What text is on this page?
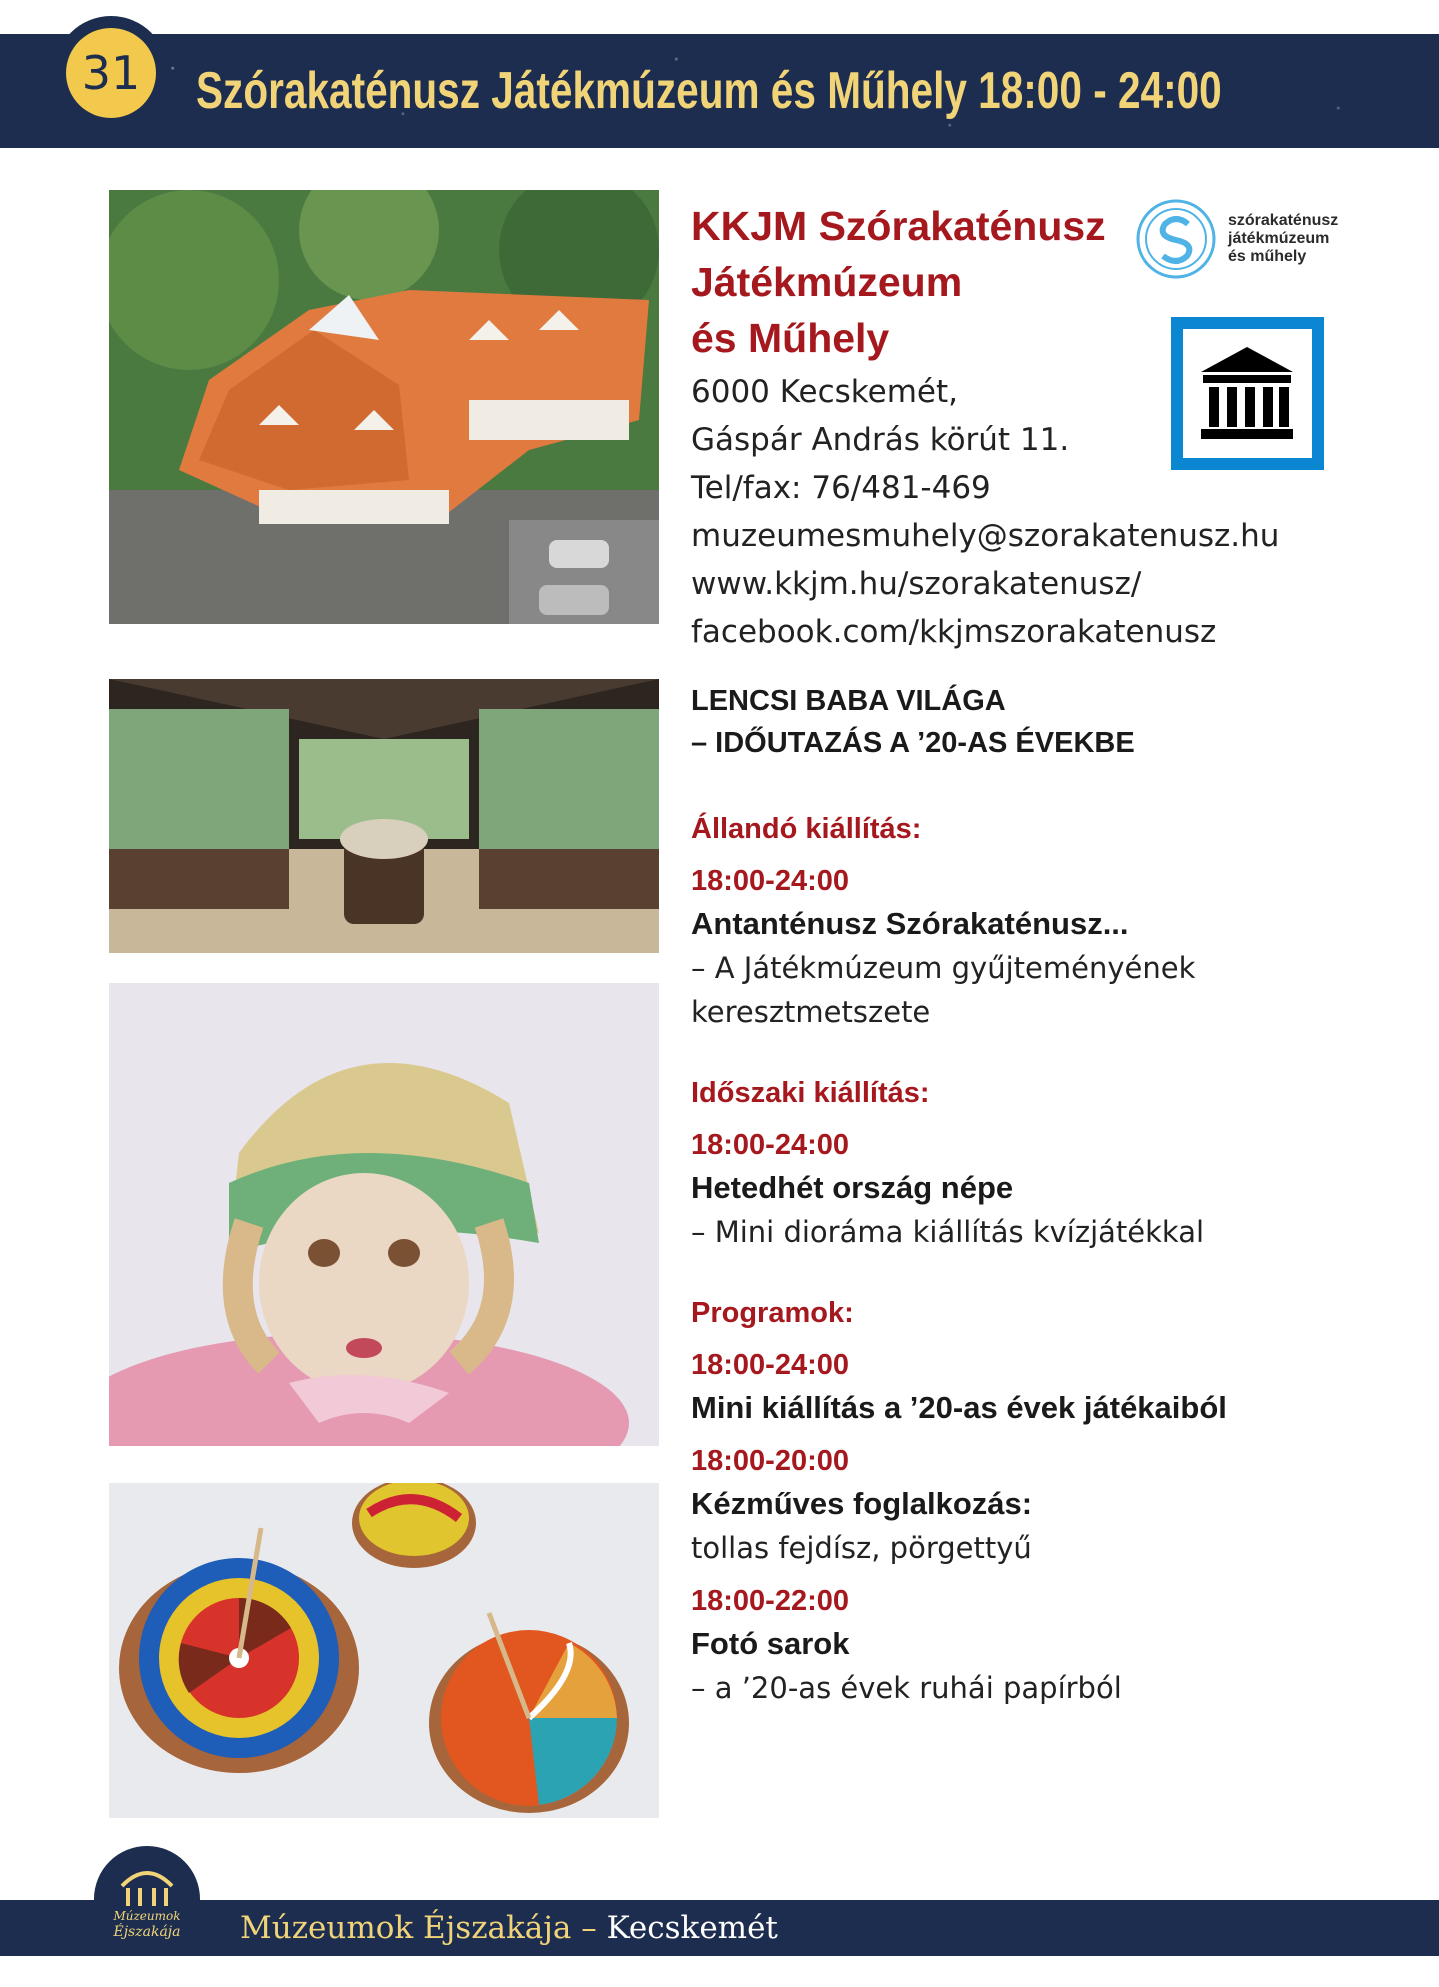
31	Szórakaténusz Játékmúzeum és Műhely 18:00 - 24:00
KKJM Szórakaténusz
Játékmúzeum
és Műhely
6000 Kecskemét,
Gáspár András körút 11.
Tel/fax: 76/481-469
muzeumesmuhely@szorakatenusz.hu
www.kkjm.hu/szorakatenusz/
facebook.com/kkjmszorakatenusz
szórakaténusz
játékmúzeum
és műhely
LENCSI BABA VILÁGA
– IDŐUTAZÁS A ’20-AS ÉVEKBE
Állandó kiállítás:
18:00-24:00
Antanténusz Szórakaténusz...
– A Játékmúzeum gyűjteményének
keresztmetszete
Időszaki kiállítás:
18:00-24:00
Hetedhét ország népe
– Mini dioráma kiállítás kvízjátékkal
Programok:
18:00-24:00
Mini kiállítás a ’20-as évek játékaiból
18:00-20:00
Kézműves foglalkozás:
tollas fejdísz, pörgettyű
18:00-22:00
Fotó sarok
– a ’20-as évek ruhái papírból
Múzeumok
Éjszakája Múzeumok Éjszakája – Kecskemét
